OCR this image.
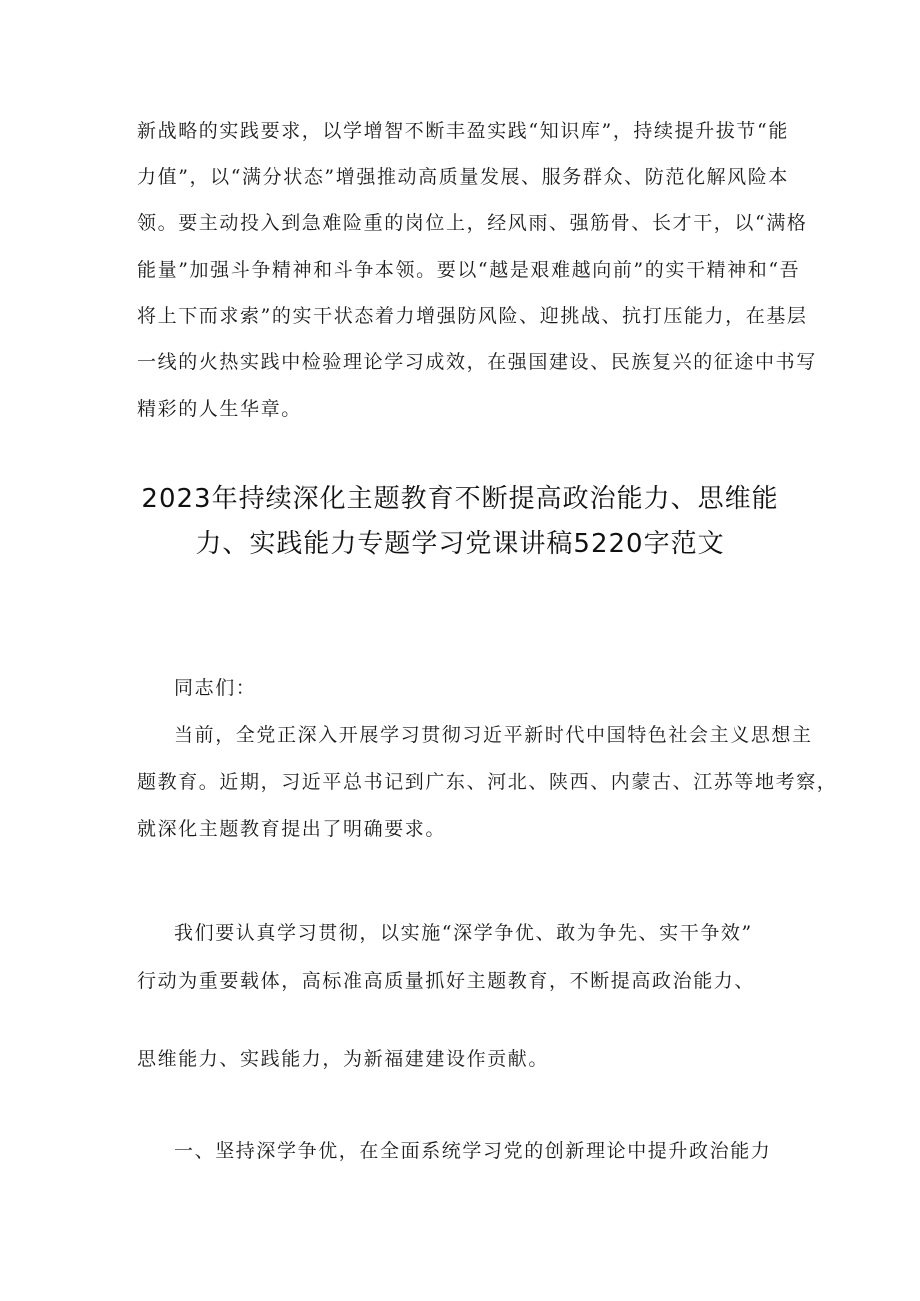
新战略的实践要求，以学增智不断丰盈实践“知识库”，持续提升拔节“能
力值”，以“满分状态”增强推动高质量发展、服务群众、防范化解风险本
领。要主动投入到急难险重的岗位上，经风雨、强筋骨、长才干，以“满格
能量”加强斗争精神和斗争本领。要以“越是艰难越向前”的实干精神和“吾
将上下而求索”的实干状态着力增强防风险、迎挑战、抗打压能力，在基层
一线的火热实践中检验理论学习成效，在强国建设、民族复兴的征途中书写
精彩的人生华章。
2023年持续深化主题教育不断提高政治能力、思维能
力、实践能力专题学习党课讲稿5220字范文
同志们：
当前，全党正深入开展学习贯彻习近平新时代中国特色社会主义思想主
题教育。近期，习近平总书记到广东、河北、陕西、内蒙古、江苏等地考察，
就深化主题教育提出了明确要求。
我们要认真学习贯彻，以实施“深学争优、敢为争先、实干争效”
行动为重要载体，高标准高质量抓好主题教育，不断提高政治能力、
思维能力、实践能力，为新福建建设作贡献。
一、坚持深学争优，在全面系统学习党的创新理论中提升政治能力
